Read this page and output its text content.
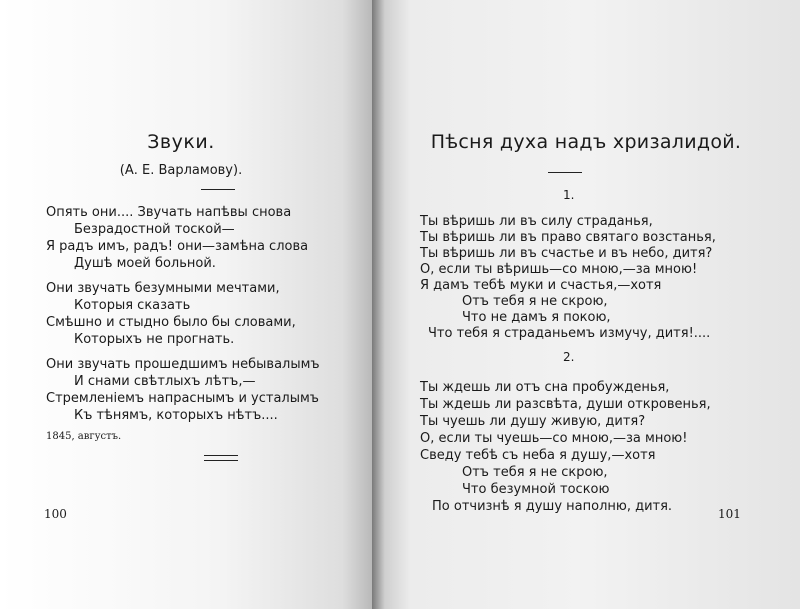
Звуки.
(А. Е. Варламову).
Опять они.... Звучать напѣвы снова
Безрадостной тоской—
Я радъ имъ, радъ! они—замѣна слова
Душѣ моей больной.
Они звучать безумными мечтами,
Которыя сказать
Смѣшно и стыдно было бы словами,
Которыхъ не прогнать.
Они звучать прошедшимъ небывалымъ
И снами свѣтлыхъ лѣтъ,—
Стремленiемъ напраснымъ и усталымъ
Къ тѣнямъ, которыхъ нѣтъ....
1845, августъ.
100
Пѣсня духа надъ хризалидой.
1.
Ты вѣришь ли въ силу страданья,
Ты вѣришь ли въ право святаго возстанья,
Ты вѣришь ли въ счастье и въ небо, дитя?
О, если ты вѣришь—со мною,—за мною!
Я дамъ тебѣ муки и счастья,—хотя
Отъ тебя я не скрою,
Что не дамъ я покою,
Что тебя я страданьемъ измучу, дитя!....
2.
Ты ждешь ли отъ сна пробужденья,
Ты ждешь ли разсвѣта, души откровенья,
Ты чуешь ли душу живую, дитя?
О, если ты чуешь—со мною,—за мною!
Сведу тебѣ съ неба я душу,—хотя
Отъ тебя я не скрою,
Что безумной тоскою
По отчизнѣ я душу наполню, дитя.	101
